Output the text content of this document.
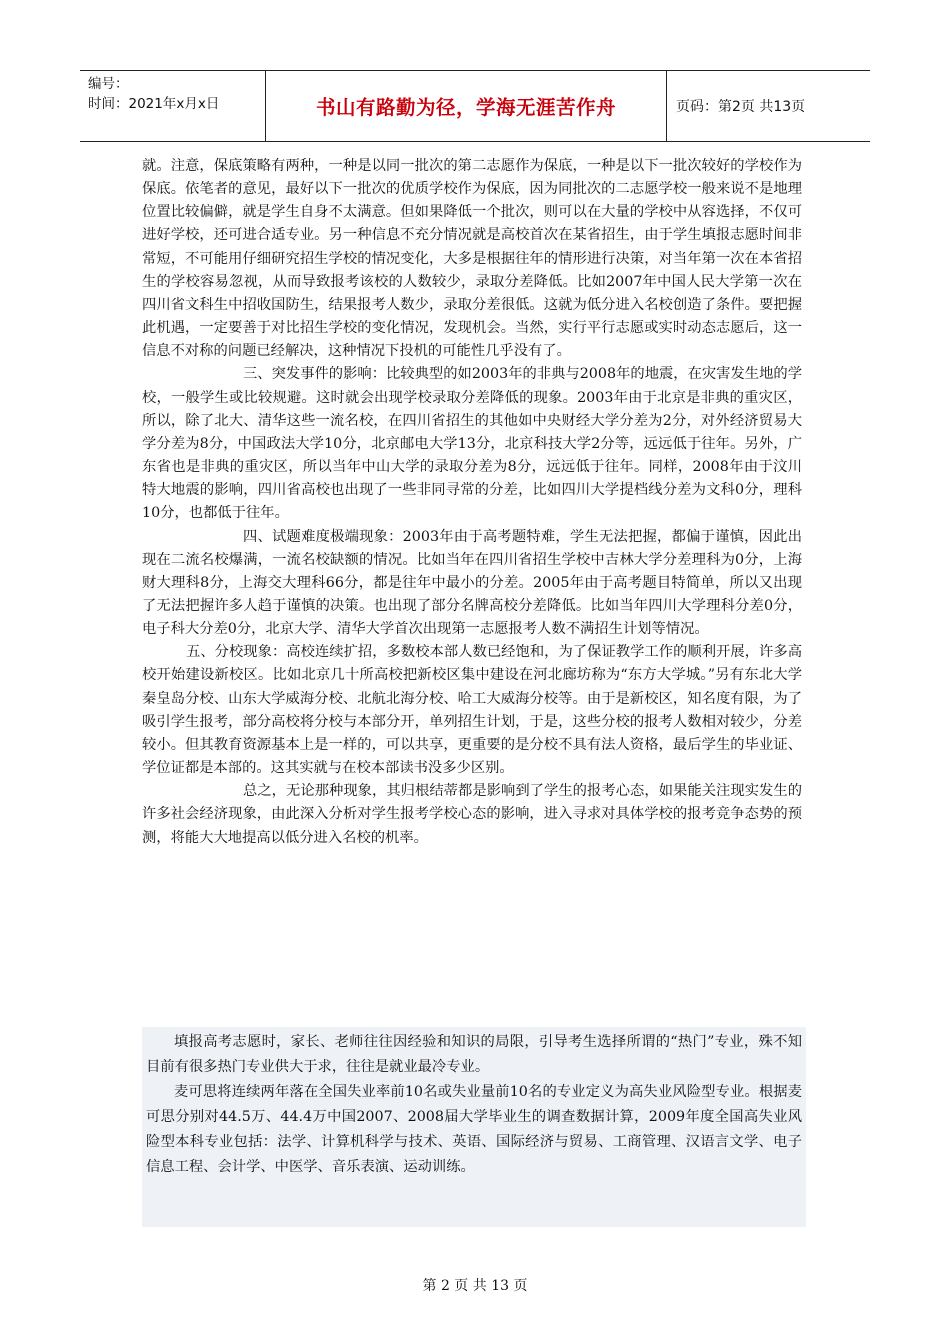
编号：
时间：2021年x月x日	书山有路勤为径，学海无涯苦作舟	页码：第2页 共13页

就。注意，保底策略有两种，一种是以同一批次的第二志愿作为保底，一种是以下一批次较好的学校作为保底。依笔者的意见，最好以下一批次的优质学校作为保底，因为同批次的二志愿学校一般来说不是地理位置比较偏僻，就是学生自身不太满意。但如果降低一个批次，则可以在大量的学校中从容选择，不仅可进好学校，还可进合适专业。另一种信息不充分情况就是高校首次在某省招生，由于学生填报志愿时间非常短，不可能用仔细研究招生学校的情况变化，大多是根据往年的情形进行决策，对当年第一次在本省招生的学校容易忽视，从而导致报考该校的人数较少，录取分差降低。比如2007年中国人民大学第一次在四川省文科生中招收国防生，结果报考人数少，录取分差很低。这就为低分进入名校创造了条件。要把握此机遇，一定要善于对比招生学校的变化情况，发现机会。当然，实行平行志愿或实时动态志愿后，这一信息不对称的问题已经解决，这种情况下投机的可能性几乎没有了。

三、突发事件的影响：比较典型的如2003年的非典与2008年的地震，在灾害发生地的学校，一般学生或比较规避。这时就会出现学校录取分差降低的现象。2003年由于北京是非典的重灾区，所以，除了北大、清华这些一流名校，在四川省招生的其他如中央财经大学分差为2分，对外经济贸易大学分差为8分，中国政法大学10分，北京邮电大学13分，北京科技大学2分等，远远低于往年。另外，广东省也是非典的重灾区，所以当年中山大学的录取分差为8分，远远低于往年。同样，2008年由于汶川特大地震的影响，四川省高校也出现了一些非同寻常的分差，比如四川大学提档线分差为文科0分，理科10分，也都低于往年。

四、试题难度极端现象：2003年由于高考题特难，学生无法把握，都偏于谨慎，因此出现在二流名校爆满，一流名校缺额的情况。比如当年在四川省招生学校中吉林大学分差理科为0分，上海财大理科8分，上海交大理科66分，都是往年中最小的分差。2005年由于高考题目特简单，所以又出现了无法把握许多人趋于谨慎的决策。也出现了部分名牌高校分差降低。比如当年四川大学理科分差0分，电子科大分差0分，北京大学、清华大学首次出现第一志愿报考人数不满招生计划等情况。

五、分校现象：高校连续扩招，多数校本部人数已经饱和，为了保证教学工作的顺利开展，许多高校开始建设新校区。比如北京几十所高校把新校区集中建设在河北廊坊称为“东方大学城。”另有东北大学秦皇岛分校、山东大学威海分校、北航北海分校、哈工大威海分校等。由于是新校区，知名度有限，为了吸引学生报考，部分高校将分校与本部分开，单列招生计划，于是，这些分校的报考人数相对较少，分差较小。但其教育资源基本上是一样的，可以共享，更重要的是分校不具有法人资格，最后学生的毕业证、学位证都是本部的。这其实就与在校本部读书没多少区别。

总之，无论那种现象，其归根结蒂都是影响到了学生的报考心态，如果能关注现实发生的许多社会经济现象，由此深入分析对学生报考学校心态的影响，进入寻求对具体学校的报考竞争态势的预测，将能大大地提高以低分进入名校的机率。

填报高考志愿时，家长、老师往往因经验和知识的局限，引导考生选择所谓的“热门”专业，殊不知目前有很多热门专业供大于求，往往是就业最冷专业。

麦可思将连续两年落在全国失业率前10名或失业量前10名的专业定义为高失业风险型专业。根据麦可思分别对44.5万、44.4万中国2007、2008届大学毕业生的调查数据计算，2009年度全国高失业风险型本科专业包括：法学、计算机科学与技术、英语、国际经济与贸易、工商管理、汉语言文学、电子信息工程、会计学、中医学、音乐表演、运动训练。

第 2 页 共 13 页
